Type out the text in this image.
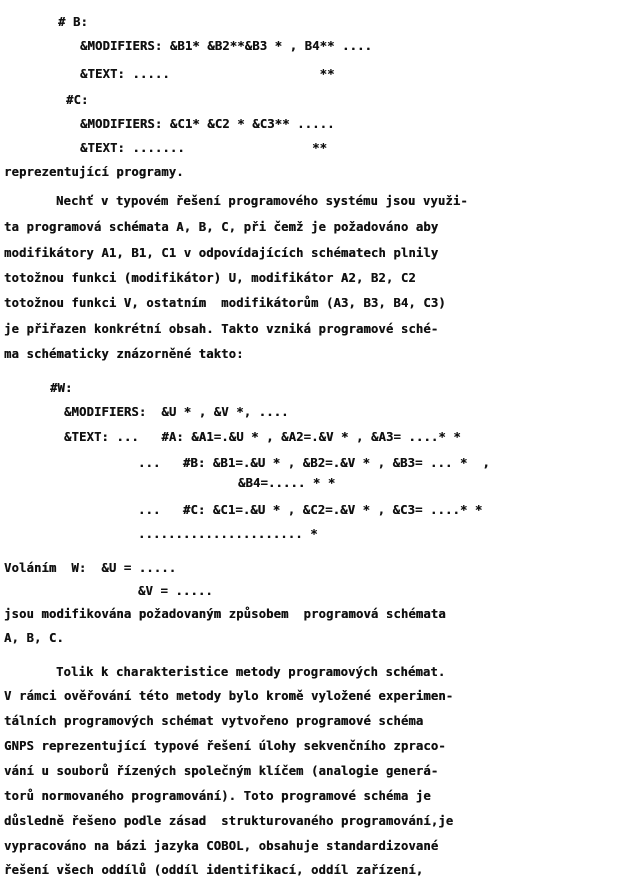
# B:
&MODIFIERS: &B1* &B2**&B3 * , B4** ....
&TEXT: .....                    **
#C:
&MODIFIERS: &C1* &C2 * &C3** .....
&TEXT: .......                 **
reprezentující programy.
Nechť v typovém řešení programového systému jsou využi-
ta programová schémata A, B, C, při čemž je požadováno aby
modifikátory A1, B1, C1 v odpovídajících schématech plnily
totožnou funkci (modifikátor) U, modifikátor A2, B2, C2
totožnou funkci V, ostatním  modifikátorům (A3, B3, B4, C3)
je přiřazen konkrétní obsah. Takto vzniká programové sché-
ma schématicky znázorněné takto:
#W:
&MODIFIERS:  &U * , &V *, ....
&TEXT: ...   #A: &A1=.&U * , &A2=.&V * , &A3= ....* *
...   #B: &B1=.&U * , &B2=.&V * , &B3= ... *  ,
&B4=..... * *
...   #C: &C1=.&U * , &C2=.&V * , &C3= ....* *
...................... *
Voláním  W:  &U = .....
&V = .....
jsou modifikována požadovaným způsobem  programová schémata
A, B, C.
Tolik k charakteristice metody programových schémat.
V rámci ověřování této metody bylo kromě vyložené experimen-
tálních programových schémat vytvořeno programové schéma
GNPS reprezentující typové řešení úlohy sekvenčního zpraco-
vání u souborů řízených společným klíčem (analogie generá-
torů normovaného programování). Toto programové schéma je
důsledně řešeno podle zásad  strukturovaného programování,je
vypracováno na bázi jazyka COBOL, obsahuje standardizované
řešení všech oddílů (oddíl identifikací, oddíl zařízení,
